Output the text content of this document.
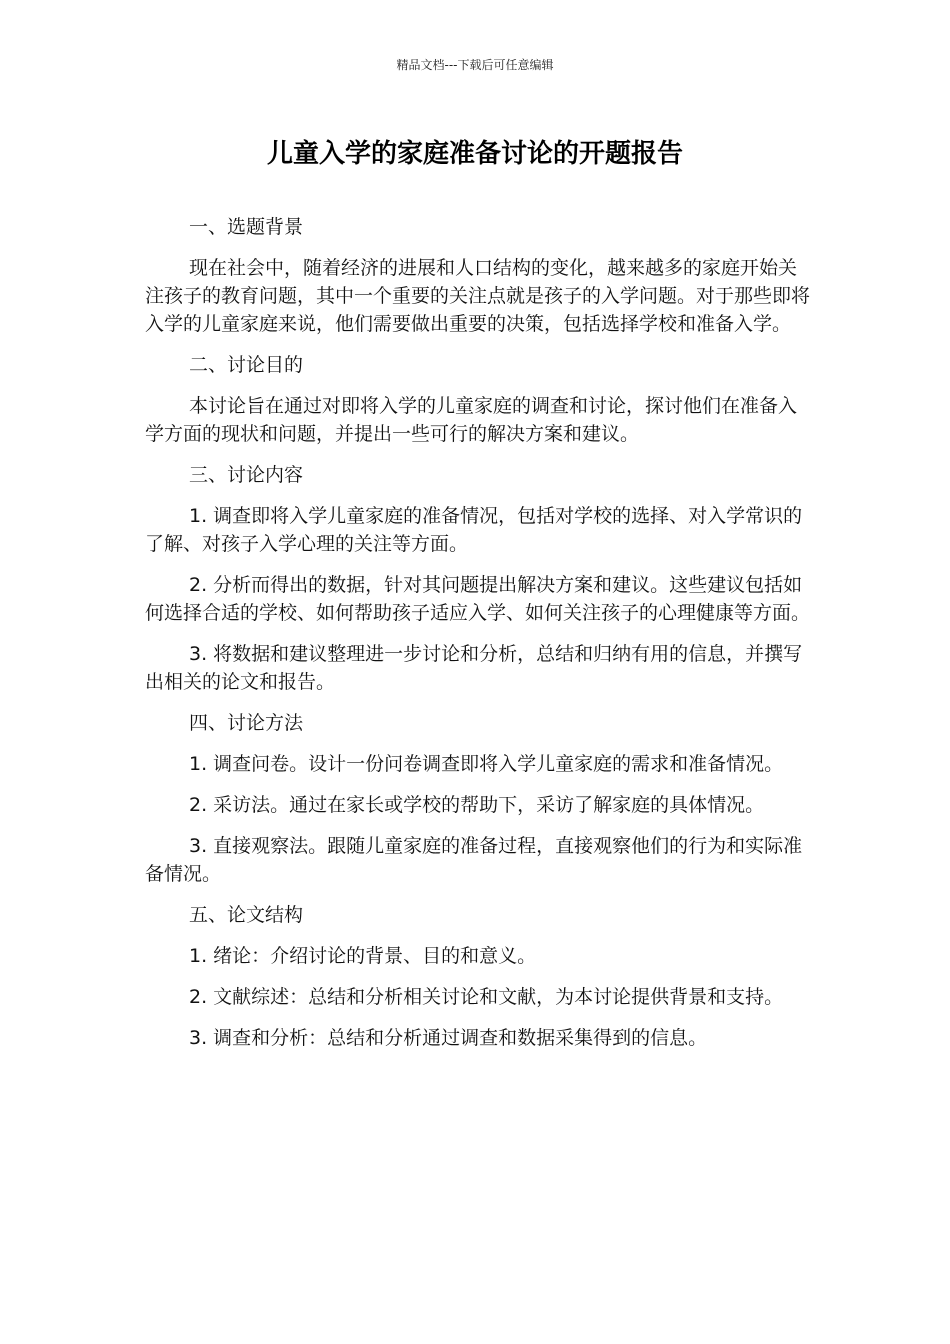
精品文档---下载后可任意编辑
儿童入学的家庭准备讨论的开题报告

一、选题背景

现在社会中，随着经济的进展和人口结构的变化，越来越多的家庭开始关注孩子的教育问题，其中一个重要的关注点就是孩子的入学问题。对于那些即将入学的儿童家庭来说，他们需要做出重要的决策，包括选择学校和准备入学。

二、讨论目的

本讨论旨在通过对即将入学的儿童家庭的调查和讨论，探讨他们在准备入学方面的现状和问题，并提出一些可行的解决方案和建议。

三、讨论内容

1. 调查即将入学儿童家庭的准备情况，包括对学校的选择、对入学常识的了解、对孩子入学心理的关注等方面。

2. 分析而得出的数据，针对其问题提出解决方案和建议。这些建议包括如何选择合适的学校、如何帮助孩子适应入学、如何关注孩子的心理健康等方面。

3. 将数据和建议整理进一步讨论和分析，总结和归纳有用的信息，并撰写出相关的论文和报告。

四、讨论方法

1. 调查问卷。设计一份问卷调查即将入学儿童家庭的需求和准备情况。

2. 采访法。通过在家长或学校的帮助下，采访了解家庭的具体情况。

3. 直接观察法。跟随儿童家庭的准备过程，直接观察他们的行为和实际准备情况。

五、论文结构

1. 绪论：介绍讨论的背景、目的和意义。

2. 文献综述：总结和分析相关讨论和文献，为本讨论提供背景和支持。

3. 调查和分析：总结和分析通过调查和数据采集得到的信息。
